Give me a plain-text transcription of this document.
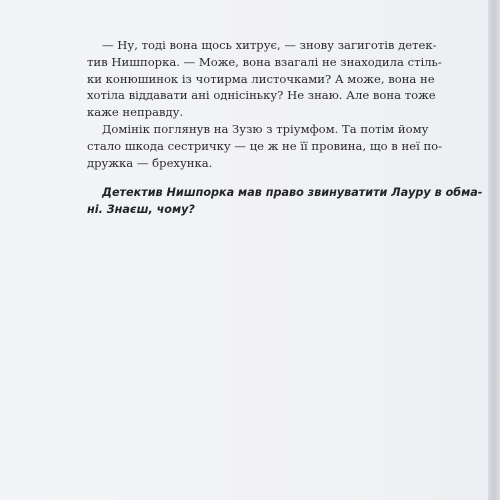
— Ну, тоді вона щось хитрує, — знову загиготів детек-
тив Нишпорка. — Може, вона взагалі не знаходила стіль-
ки конюшинок із чотирма листочками? А може, вона не
хотіла віддавати ані однісіньку? Не знаю. Але вона тоже
каже неправду.
Домінік поглянув на Зузю з тріумфом. Та потім йому
стало шкода сестричку — це ж не її провина, що в неї по-
дружка — брехунка.
Детектив Нишпорка мав право звинуватити Лауру в обма-
ні. Знаєш, чому?
